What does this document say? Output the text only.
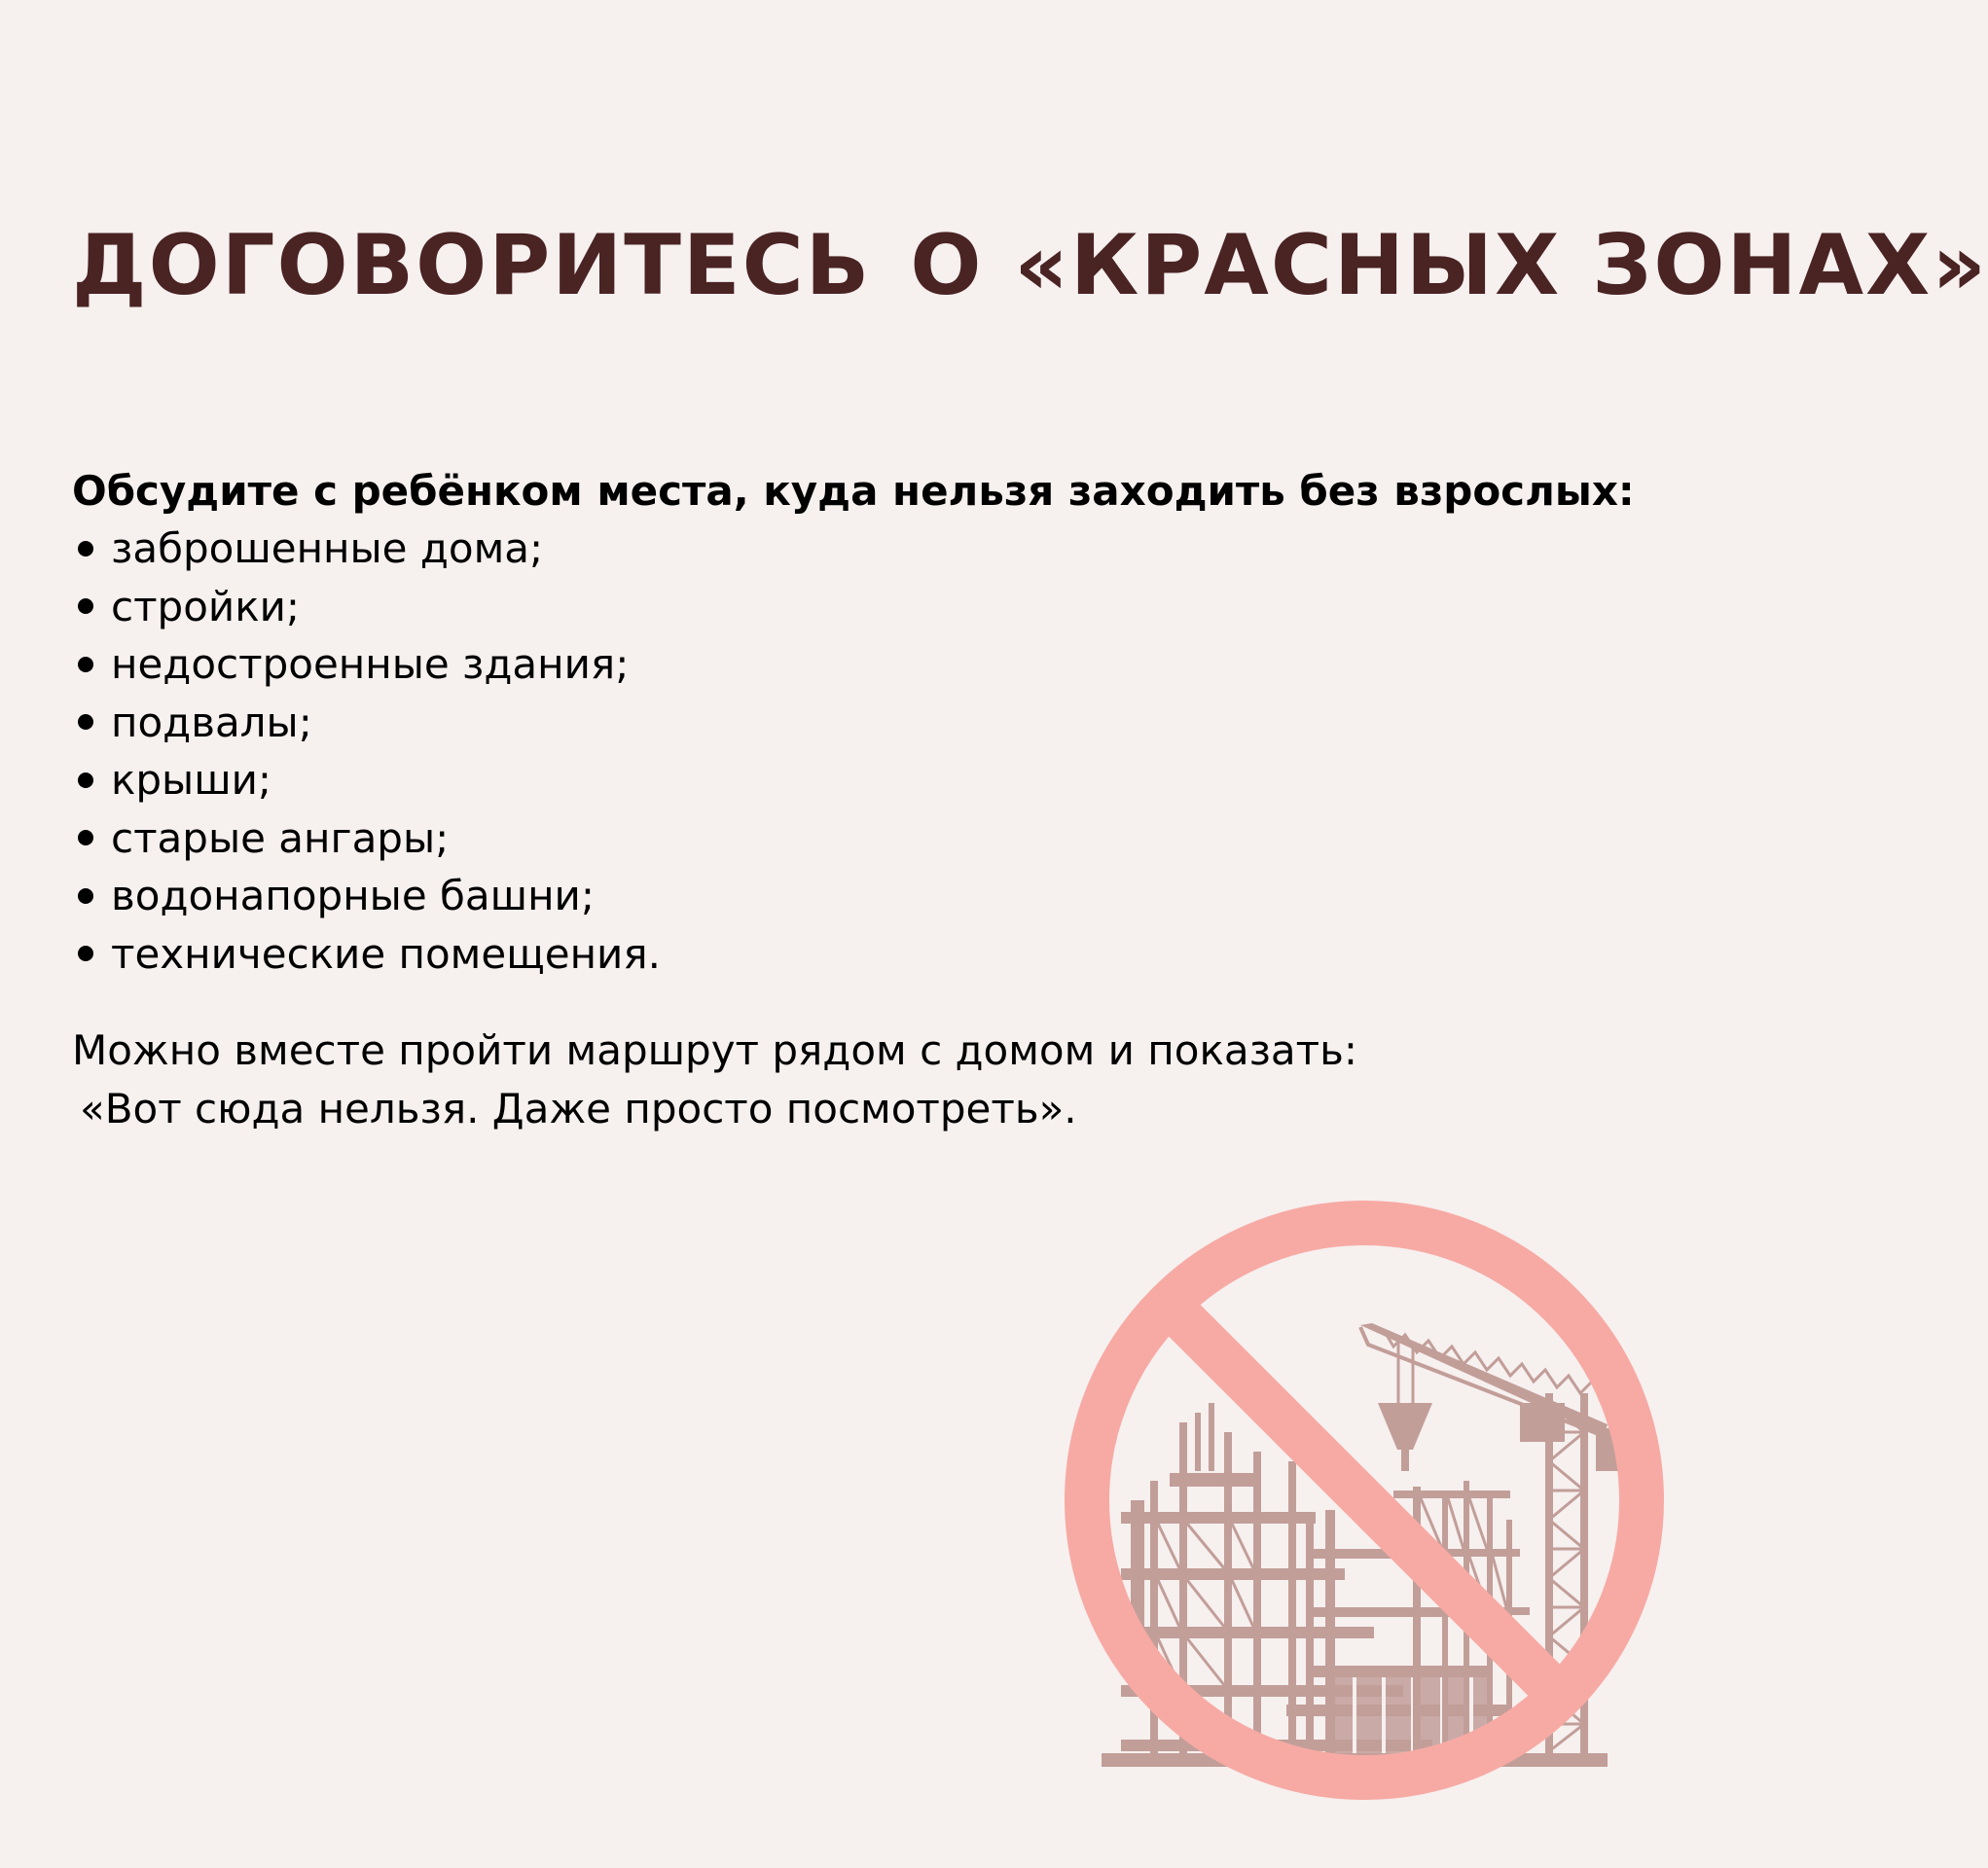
ДОГОВОРИТЕСЬ О «КРАСНЫХ ЗОНАХ»

Обсудите с ребёнком места, куда нельзя заходить без взрослых:

заброшенные дома;
стройки;
недостроенные здания;
подвалы;
крыши;
старые ангары;
водонапорные башни;
технические помещения.

Можно вместе пройти маршрут рядом с домом и показать:

«Вот сюда нельзя. Даже просто посмотреть».
